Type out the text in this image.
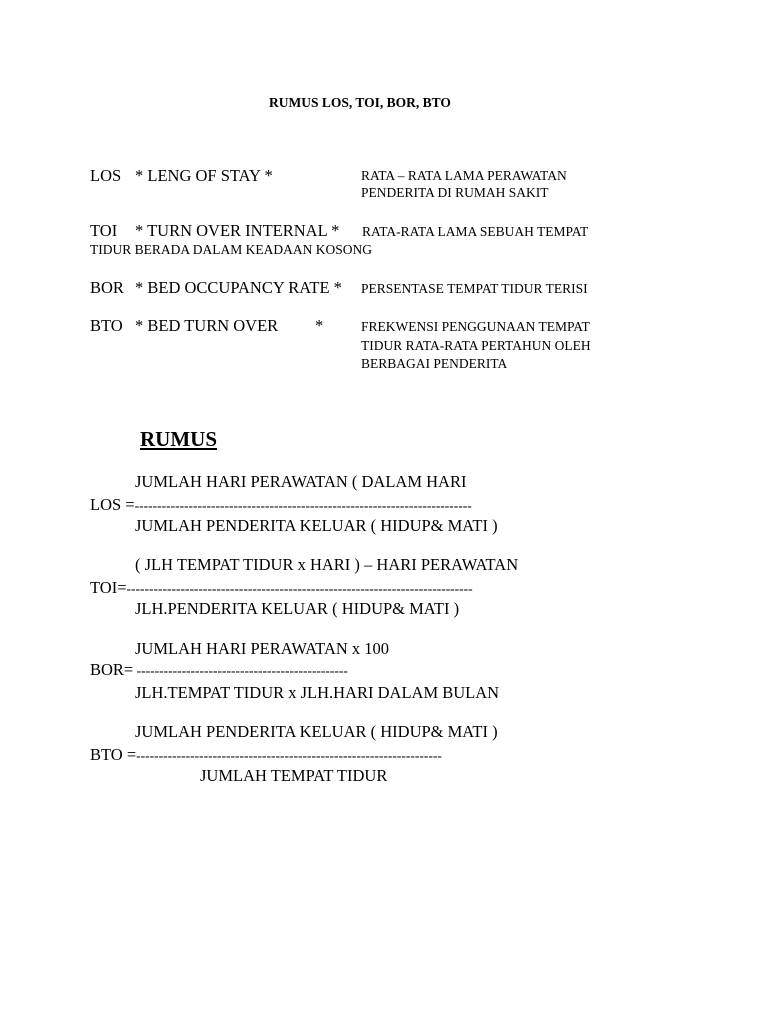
RUMUS LOS, TOI, BOR, BTO
LOS * LENG OF STAY *	RATA – RATA LAMA PERAWATAN
PENDERITA DI RUMAH SAKIT
TOI * TURN OVER INTERNAL * RATA-RATA LAMA SEBUAH TEMPAT
TIDUR BERADA DALAM KEADAAN KOSONG
BOR * BED OCCUPANCY RATE * PERSENTASE TEMPAT TIDUR TERISI
BTO * BED TURN OVER *	FREKWENSI PENGGUNAAN TEMPAT
TIDUR RATA-RATA PERTAHUN OLEH
BERBAGAI PENDERITA
RUMUS
JUMLAH HARI PERAWATAN ( DALAM HARI
LOS =---------------------------------------------------------------------------
JUMLAH PENDERITA KELUAR ( HIDUP& MATI )
( JLH TEMPAT TIDUR x HARI ) – HARI PERAWATAN
TOI=-----------------------------------------------------------------------------
JLH.PENDERITA KELUAR ( HIDUP& MATI )
JUMLAH HARI PERAWATAN x 100
BOR= -----------------------------------------------
JLH.TEMPAT TIDUR x JLH.HARI DALAM BULAN
JUMLAH PENDERITA KELUAR ( HIDUP& MATI )
BTO =--------------------------------------------------------------------
JUMLAH TEMPAT TIDUR
